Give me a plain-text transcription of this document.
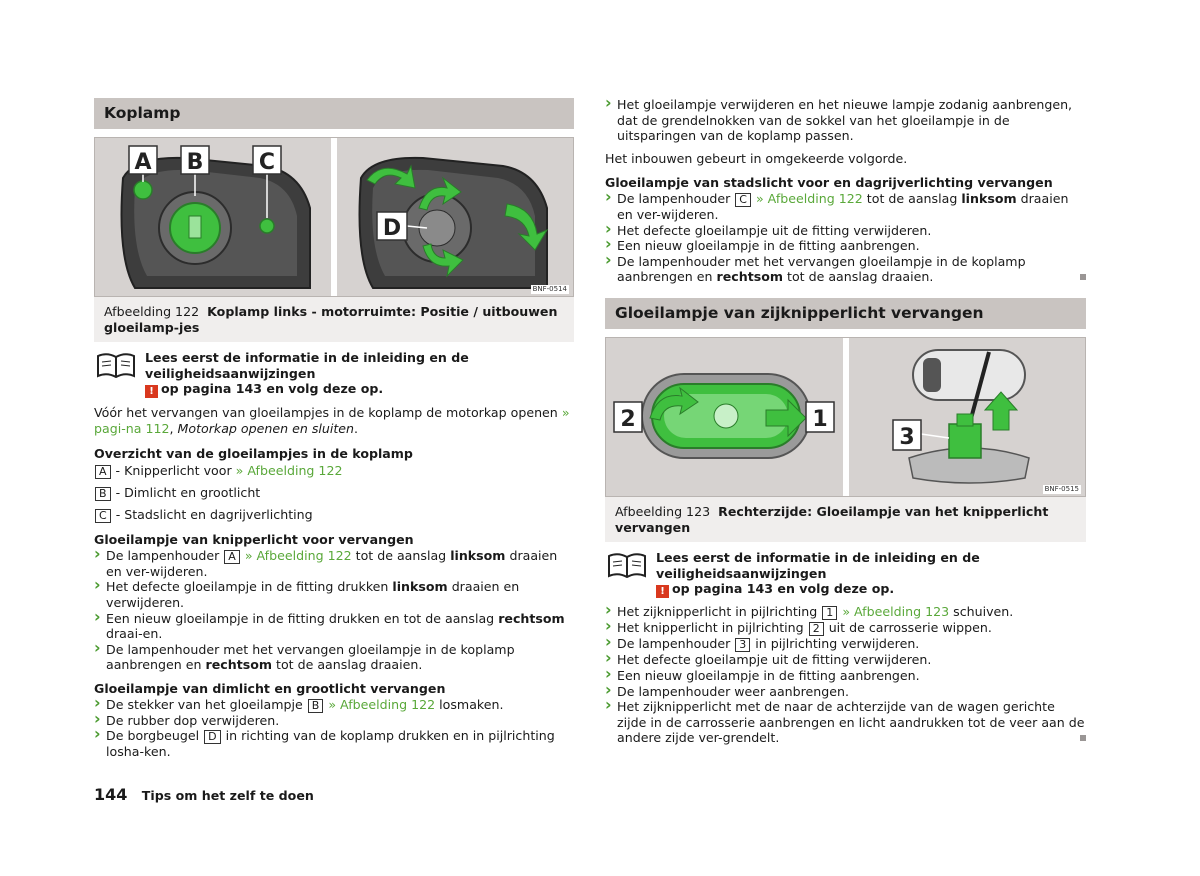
Koplamp
A B	C
D
BNF-0514
Afbeelding 122 Koplamp links - motorruimte: Positie / uitbouwen gloeilamp-jes
Lees eerst de informatie in de inleiding en de veiligheidsaanwijzingen
! op pagina 143 en volg deze op.

Vóór het vervangen van gloeilampjes in de koplamp de motorkap openen » pagi-na 112, Motorkap openen en sluiten.

Overzicht van de gloeilampjes in de koplamp
A - Knipperlicht voor » Afbeelding 122
B - Dimlicht en grootlicht
C - Stadslicht en dagrijverlichting
Gloeilampje van knipperlicht voor vervangen
› De lampenhouder A » Afbeelding 122 tot de aanslag linksom draaien en ver-wijderen.
› Het defecte gloeilampje in de fitting drukken linksom draaien en verwijderen.
› Een nieuw gloeilampje in de fitting drukken en tot de aanslag rechtsom draai-en.
› De lampenhouder met het vervangen gloeilampje in de koplamp aanbrengen en rechtsom tot de aanslag draaien.
Gloeilampje van dimlicht en grootlicht vervangen
› De stekker van het gloeilampje B » Afbeelding 122 losmaken.
› De rubber dop verwijderen.
› De borgbeugel D in richting van de koplamp drukken en in pijlrichting losha-ken.
› Het gloeilampje verwijderen en het nieuwe lampje zodanig aanbrengen, dat de grendelnokken van de sokkel van het gloeilampje in de uitsparingen van de koplamp passen.

Het inbouwen gebeurt in omgekeerde volgorde.

Gloeilampje van stadslicht voor en dagrijverlichting vervangen
› De lampenhouder C » Afbeelding 122 tot de aanslag linksom draaien en ver-wijderen.
› Het defecte gloeilampje uit de fitting verwijderen.
› Een nieuw gloeilampje in de fitting aanbrengen.
› De lampenhouder met het vervangen gloeilampje in de koplamp aanbrengen en rechtsom tot de aanslag draaien.
Gloeilampje van zijknipperlicht vervangen
2	1
3
BNF-0515
Afbeelding 123 Rechterzijde: Gloeilampje van het knipperlicht vervangen
Lees eerst de informatie in de inleiding en de veiligheidsaanwijzingen
! op pagina 143 en volg deze op.
› Het zijknipperlicht in pijlrichting 1 » Afbeelding 123 schuiven.
› Het knipperlicht in pijlrichting 2 uit de carrosserie wippen.
› De lampenhouder 3 in pijlrichting verwijderen.
› Het defecte gloeilampje uit de fitting verwijderen.
› Een nieuw gloeilampje in de fitting aanbrengen.
› De lampenhouder weer aanbrengen.
› Het zijknipperlicht met de naar de achterzijde van de wagen gerichte zijde in de carrosserie aanbrengen en licht aandrukken tot de veer aan de andere zijde ver-grendelt.
144 Tips om het zelf te doen
